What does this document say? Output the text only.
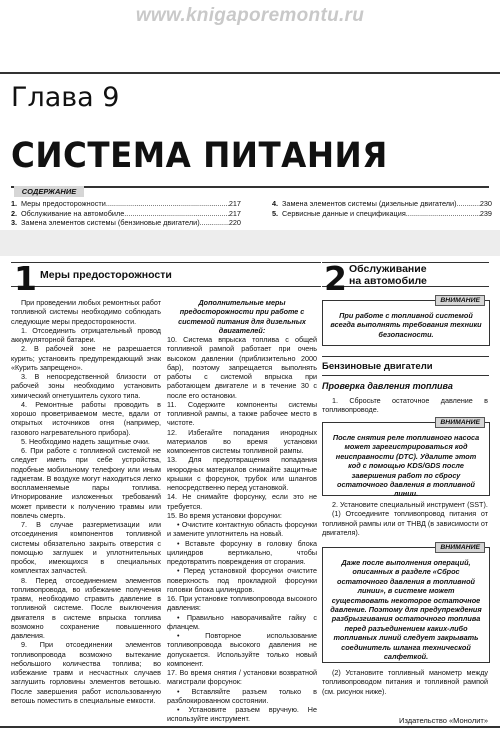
www.knigaporemontu.ru
Глава 9
СИСТЕМА ПИТАНИЯ
СОДЕРЖАНИЕ
1. Меры предосторожности .....	217
2. Обслуживание на автомобиле .....	217
3. Замена элементов системы (бензиновые двигатели) .....	220
4. Замена элементов системы (дизельные двигатели) .....	230
5. Сервисные данные и спецификация .....	239
1 Меры предосторожности	2 Обслуживание
на автомобиле

При проведении любых ремонтных работ топливной системы необходимо соблюдать следующие меры предосторожности.

1. Отсоединить отрицательный провод аккумуляторной батареи.

2. В рабочей зоне не разрешается курить; установить предупреждающий знак «Курить запрещено».

3. В непосредственной близости от рабочей зоны необходимо установить химический огнетушитель сухого типа.

4. Ремонтные работы проводить в хорошо проветриваемом месте, вдали от открытых источников огня (например, газового нагревательного прибора).

5. Необходимо надеть защитные очки.

6. При работе с топливной системой не следует иметь при себе устройства, подобные мобильному телефону или иным гаджетам. В воздухе могут находиться легко воспламеняемые пары топлива. Игнорирование изложенных требований может привести к получению травмы или повлечь смерть.

7. В случае разгерметизации или отсоединения компонентов топливной системы обязательно закрыть отверстия с помощью заглушек и уплотнительных пробок, имеющихся в специальных комплектах запчастей.

8. Перед отсоединением элементов топливопровода, во избежание получения травм, необходимо стравить давление в топливной системе. После выключения двигателя в системе впрыска топлива возможно сохранение повышенного давления.

9. При отсоединении элементов топливопровода возможно вытекание небольшого количества топлива; во избежание травм и несчастных случаев заглушить горловины элементов ветошью. После завершения работ использованную ветошь поместить в специальные емкости.

Дополнительные меры предосторожности при работе с системой питания для дизельных двигателей:

10. Система впрыска топлива с общей топливной рампой работает при очень высоком давлении (приблизительно 2000 бар), поэтому запрещается выполнять работы с системой впрыска при работающем двигателе и в течение 30 с после его остановки.

11. Содержите компоненты системы топливной рампы, а также рабочее место в чистоте.

12. Избегайте попадания инородных материалов во время установки компонентов системы топливной рампы.

13. Для предотвращения попадания инородных материалов снимайте защитные крышки с форсунок, трубок или шлангов непосредственно перед установкой.

14. Не снимайте форсунку, если это не требуется.

15. Во время установки форсунки:

• Очистите контактную область форсунки и замените уплотнитель на новый.

• Вставьте форсунку в головку блока цилиндров вертикально, чтобы предотвратить повреждения от сгорания.

• Перед установкой форсунки очистите поверхность под прокладкой форсунки головки блока цилиндров.

16. При установке топливопровода высокого давления:

• Правильно наворачивайте гайку с фланцем.

• Повторное использование топливопровода высокого давления не допускается. Используйте только новый компонент.

17. Во время снятия / установки возвратной магистрали форсунок:

• Вставляйте разъем только в разблокированном состоянии.

• Установите разъем вручную. Не используйте инструмент.

ВНИМАНИЕ
При работе с топливной системой всегда выполнять требования техники безопасности.
Бензиновые двигатели
Проверка давления топлива

1. Сбросьте остаточное давление в топливопроводе.

ВНИМАНИЕ
После снятия реле топливного насоса может зарегистрироваться код неисправности (DTC). Удалите этот код с помощью KDS/GDS после завершения работ по сбросу остаточного давления в топливной линии.

2. Установите специальный инструмент (SST).

(1) Отсоедините топливопровод питания от топливной рампы или от ТНВД (в зависимости от двигателя).

ВНИМАНИЕ
Даже после выполнения операций, описанных в разделе «Сброс остаточного давления в топливной линии», в системе может существовать некоторое остаточное давление. Поэтому для предупреждения разбрызгивания остаточного топлива перед разъединением каких-либо топливных линий следует закрывать соединитель шланга технической салфеткой.

(2) Установите топливный манометр между топливопроводом питания и топливной рампой (см. рисунок ниже).

Издательство «Монолит»
